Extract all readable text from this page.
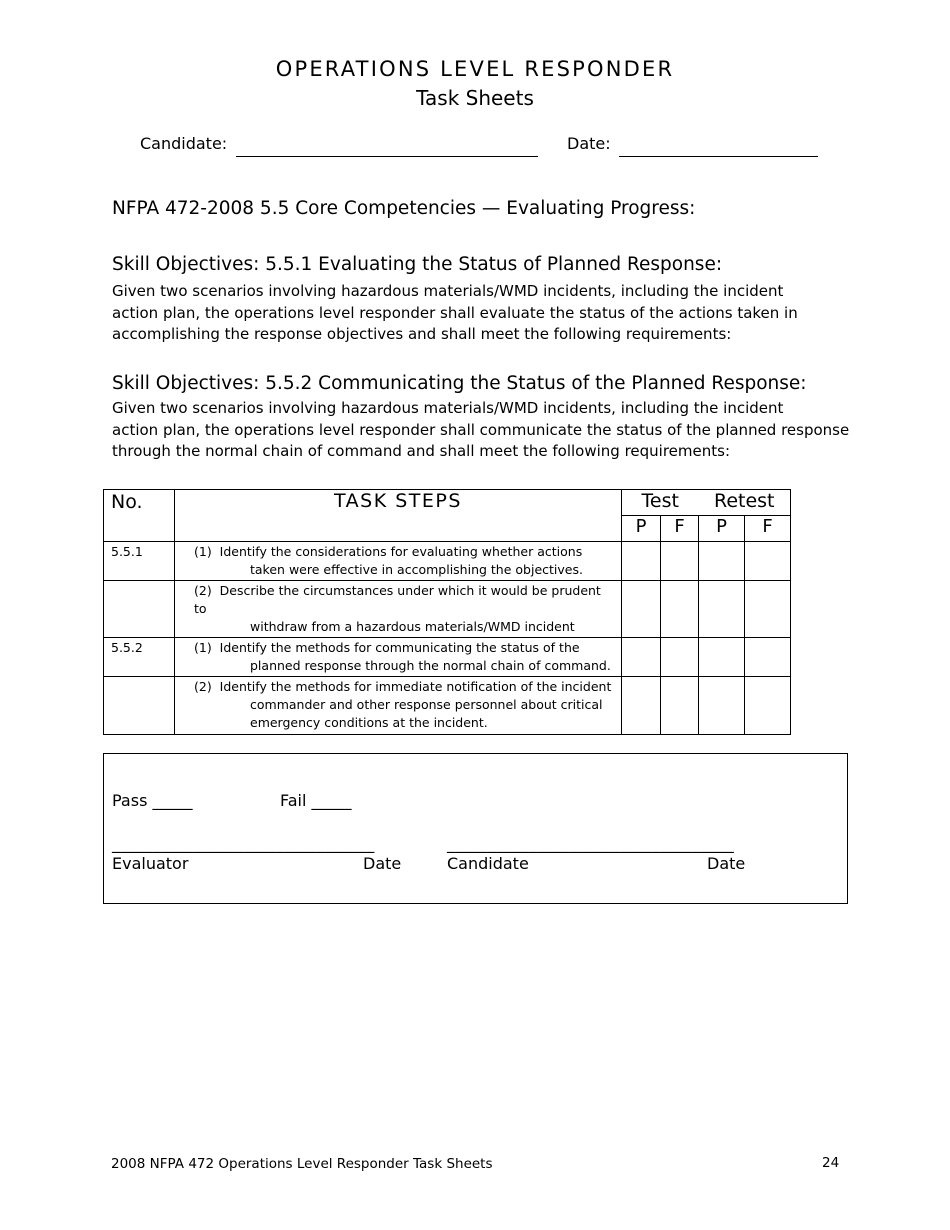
OPERATIONS LEVEL RESPONDER
Task Sheets
Candidate:	Date:
NFPA 472-2008 5.5 Core Competencies — Evaluating Progress:
Skill Objectives: 5.5.1 Evaluating the Status of Planned Response:
Given two scenarios involving hazardous materials/WMD incidents, including the incident
action plan, the operations level responder shall evaluate the status of the actions taken in
accomplishing the response objectives and shall meet the following requirements:
Skill Objectives: 5.5.2 Communicating the Status of the Planned Response:
Given two scenarios involving hazardous materials/WMD incidents, including the incident
action plan, the operations level responder shall communicate the status of the planned response
through the normal chain of command and shall meet the following requirements:
No.	TASK STEPS	Test		Retest	
		P	F	P	F
5.5.1	(1) Identify the considerations for evaluating whether actions
taken were effective in accomplishing the objectives.				

	(2) Describe the circumstances under which it would be prudent to
withdraw from a hazardous materials/WMD incident				

5.5.2	(1) Identify the methods for communicating the status of the
planned response through the normal chain of command.				

	(2) Identify the methods for immediate notification of the incident
commander and other response personnel about critical
emergency conditions at the incident.				

Pass _____	Fail _____
________________________________	___________________________________
Evaluator	Date	Candidate	Date
2008 NFPA 472 Operations Level Responder Task Sheets	24
